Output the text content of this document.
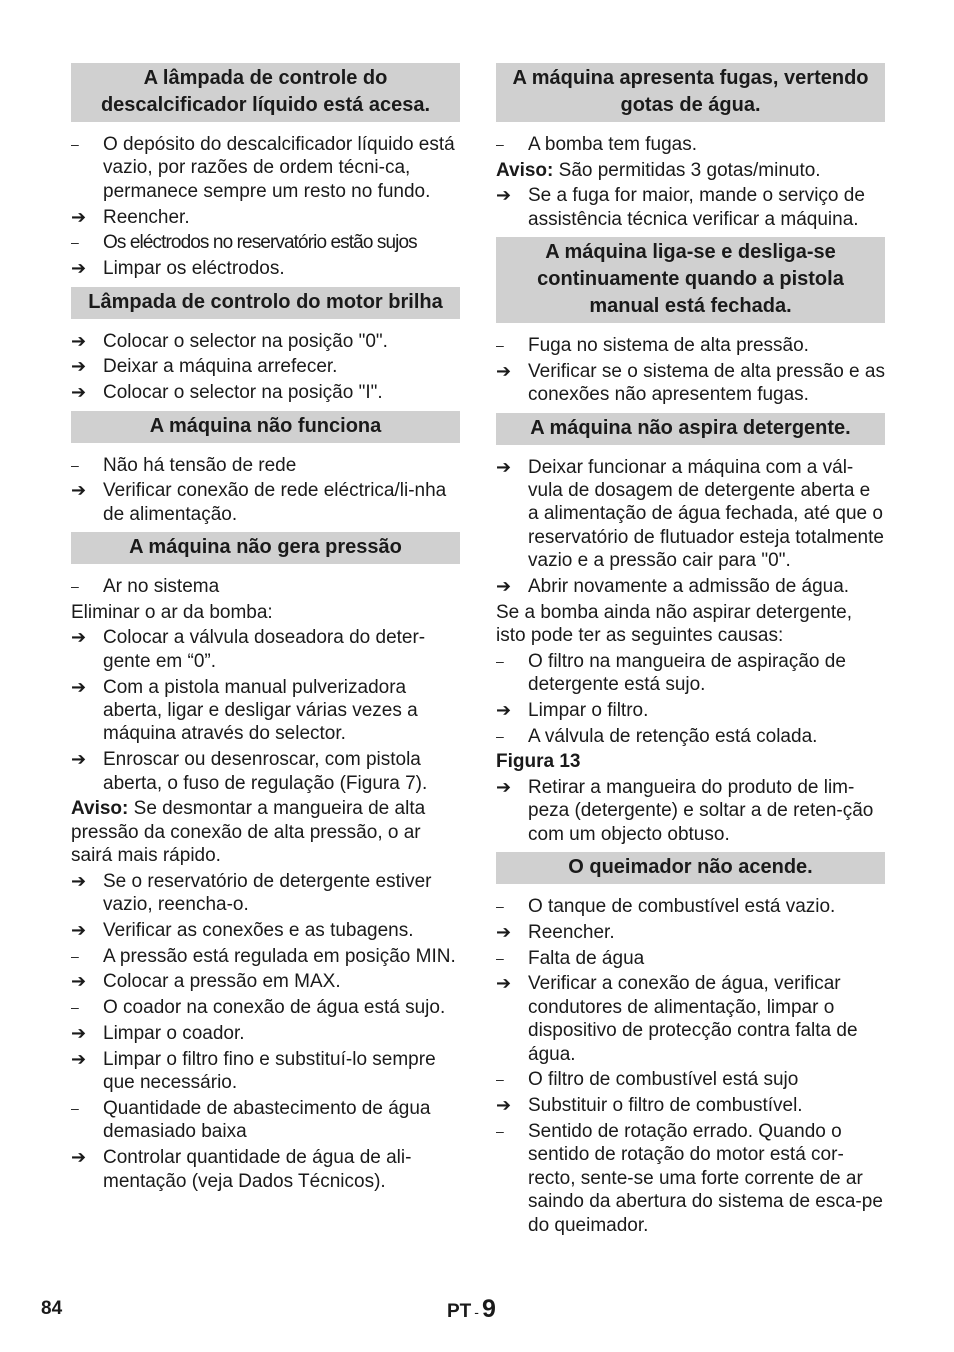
A lâmpada de controle do descalcificador líquido está acesa.
–	O depósito do descalcificador líquido está vazio, por razões de ordem técni-ca, permanece sempre um resto no fundo.
➔ Reencher.
–	Os eléctrodos no reservatório estão sujos
➔ Limpar os eléctrodos.
Lâmpada de controlo do motor brilha
➔ Colocar o selector na posição "0".
➔ Deixar a máquina arrefecer.
➔ Colocar o selector na posição "I".
A máquina não funciona
–	Não há tensão de rede
➔ Verificar conexão de rede eléctrica/li-nha de alimentação.
A máquina não gera pressão
–	Ar no sistema
Eliminar o ar da bomba:
➔ Colocar a válvula doseadora do deter-gente em “0”.
➔ Com a pistola manual pulverizadora aberta, ligar e desligar várias vezes a máquina através do selector.
➔ Enroscar ou desenroscar, com pistola aberta, o fuso de regulação (Figura 7).
Aviso: Se desmontar a mangueira de alta pressão da conexão de alta pressão, o ar sairá mais rápido.
➔ Se o reservatório de detergente estiver vazio, reencha-o.
➔ Verificar as conexões e as tubagens.
–	A pressão está regulada em posição MIN.
➔ Colocar a pressão em MAX.
–	O coador na conexão de água está sujo.
➔ Limpar o coador.
➔ Limpar o filtro fino e substituí-lo sempre que necessário.
–	Quantidade de abastecimento de água demasiado baixa
➔ Controlar quantidade de água de ali-mentação (veja Dados Técnicos).
A máquina apresenta fugas, vertendo gotas de água.
–	A bomba tem fugas.
Aviso: São permitidas 3 gotas/minuto.
➔ Se a fuga for maior, mande o serviço de assistência técnica verificar a máquina.
A máquina liga-se e desliga-se continuamente quando a pistola manual está fechada.
–	Fuga no sistema de alta pressão.
➔ Verificar se o sistema de alta pressão e as conexões não apresentem fugas.
A máquina não aspira detergente.
➔ Deixar funcionar a máquina com a vál-vula de dosagem de detergente aberta e a alimentação de água fechada, até que o reservatório de flutuador esteja totalmente vazio e a pressão cair para "0".
➔ Abrir novamente a admissão de água.
Se a bomba ainda não aspirar detergente, isto pode ter as seguintes causas:
–	O filtro na mangueira de aspiração de detergente está sujo.
➔ Limpar o filtro.
–	A válvula de retenção está colada.
Figura 13
➔ Retirar a mangueira do produto de lim-peza (detergente) e soltar a de reten-ção com um objecto obtuso.
O queimador não acende.
–	O tanque de combustível está vazio.
➔ Reencher.
–	Falta de água
➔ Verificar a conexão de água, verificar condutores de alimentação, limpar o dispositivo de protecção contra falta de água.
–	O filtro de combustível está sujo
➔ Substituir o filtro de combustível.
–	Sentido de rotação errado. Quando o sentido de rotação do motor está cor-recto, sente-se uma forte corrente de ar saindo da abertura do sistema de esca-pe do queimador.
84	PT - 9
